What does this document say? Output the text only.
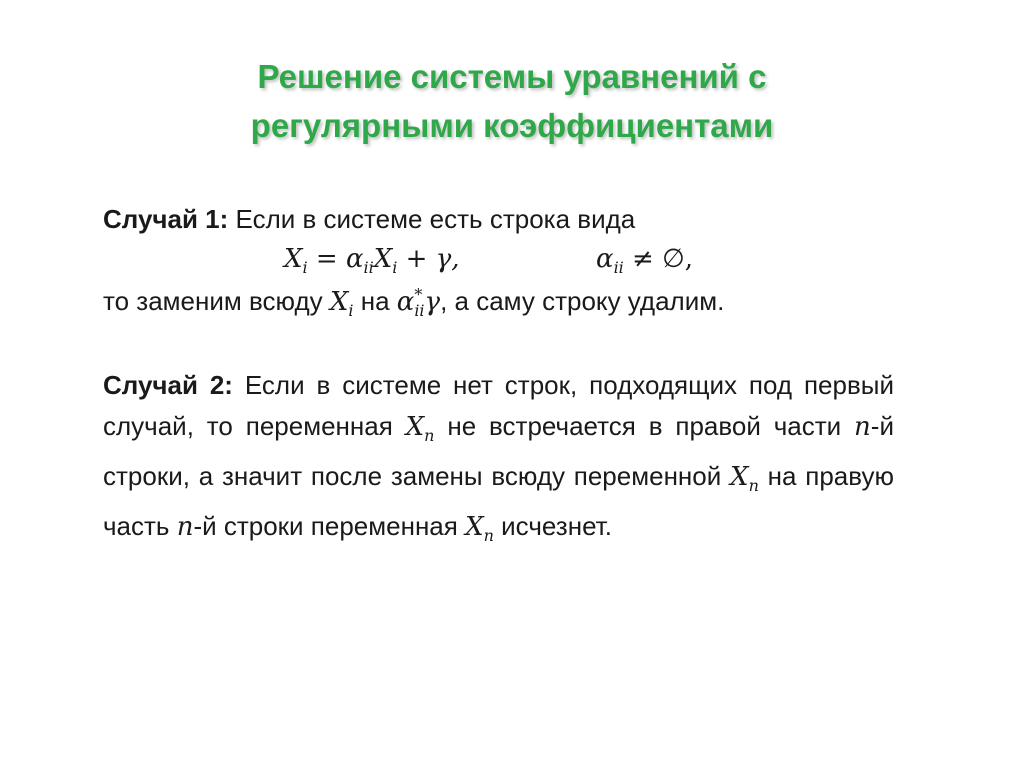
Решение системы уравнений с
регулярными коэффициентами
Случай 1: Если в системе есть строка вида
$X_i = \alpha_{ii}X_i + \gamma$,	$\alpha_{ii}$ ≠ ∅,
то заменим всюду $X_i$ на α *
ii γ, а саму строку удалим.
Случай 2: Если в системе нет строк, подходящих под первый случай, то переменная $X_n$ не встречается в правой части n-й строки, а значит после замены всюду переменной $X_n$ на правую часть n-й строки переменная $X_n$ исчезнет.
